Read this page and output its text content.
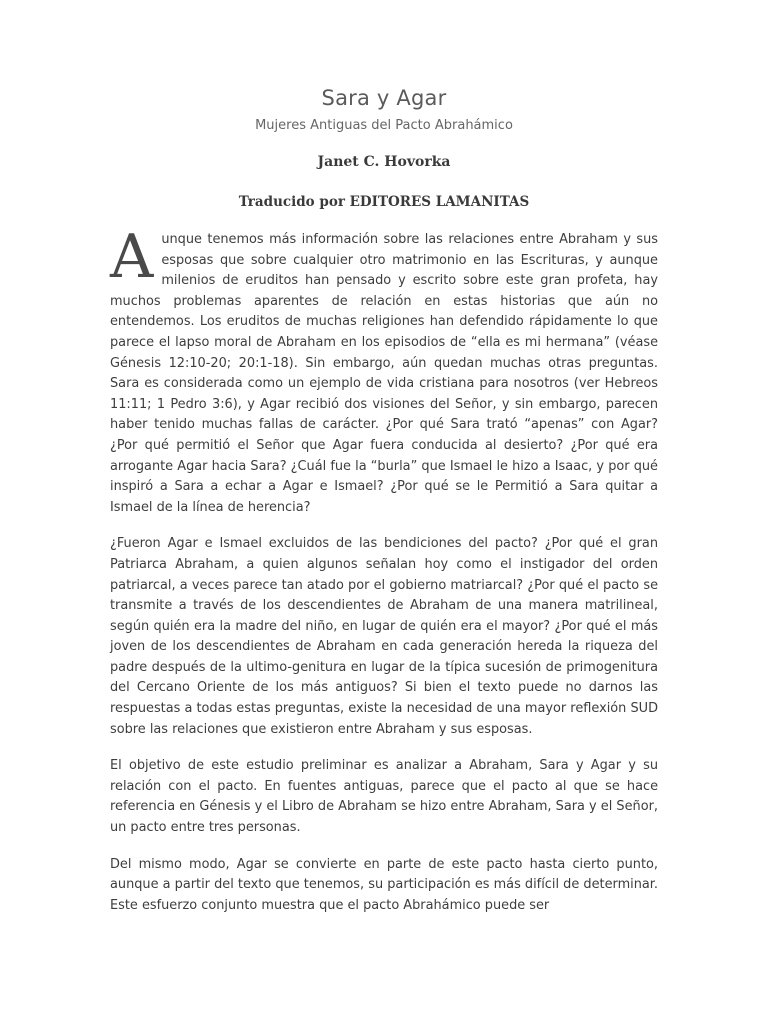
Sara y Agar
Mujeres Antiguas del Pacto Abrahámico
Janet C. Hovorka
Traducido por EDITORES LAMANITAS

Aunque tenemos más información sobre las relaciones entre Abraham y sus esposas que sobre cualquier otro matrimonio en las Escrituras, y aunque milenios de eruditos han pensado y escrito sobre este gran profeta, hay muchos problemas aparentes de relación en estas historias que aún no entendemos. Los eruditos de muchas religiones han defendido rápidamente lo que parece el lapso moral de Abraham en los episodios de “ella es mi hermana” (véase Génesis 12:10-20; 20:1-18). Sin embargo, aún quedan muchas otras preguntas. Sara es considerada como un ejemplo de vida cristiana para nosotros (ver Hebreos 11:11; 1 Pedro 3:6), y Agar recibió dos visiones del Señor, y sin embargo, parecen haber tenido muchas fallas de carácter. ¿Por qué Sara trató “apenas” con Agar? ¿Por qué permitió el Señor que Agar fuera conducida al desierto? ¿Por qué era arrogante Agar hacia Sara? ¿Cuál fue la “burla” que Ismael le hizo a Isaac, y por qué inspiró a Sara a echar a Agar e Ismael? ¿Por qué se le Permitió a Sara quitar a Ismael de la línea de herencia?

¿Fueron Agar e Ismael excluidos de las bendiciones del pacto? ¿Por qué el gran Patriarca Abraham, a quien algunos señalan hoy como el instigador del orden patriarcal, a veces parece tan atado por el gobierno matriarcal? ¿Por qué el pacto se transmite a través de los descendientes de Abraham de una manera matrilineal, según quién era la madre del niño, en lugar de quién era el mayor? ¿Por qué el más joven de los descendientes de Abraham en cada generación hereda la riqueza del padre después de la ultimo-genitura en lugar de la típica sucesión de primogenitura del Cercano Oriente de los más antiguos? Si bien el texto puede no darnos las respuestas a todas estas preguntas, existe la necesidad de una mayor reflexión SUD sobre las relaciones que existieron entre Abraham y sus esposas.

El objetivo de este estudio preliminar es analizar a Abraham, Sara y Agar y su relación con el pacto. En fuentes antiguas, parece que el pacto al que se hace referencia en Génesis y el Libro de Abraham se hizo entre Abraham, Sara y el Señor, un pacto entre tres personas.

Del mismo modo, Agar se convierte en parte de este pacto hasta cierto punto, aunque a partir del texto que tenemos, su participación es más difícil de determinar. Este esfuerzo conjunto muestra que el pacto Abrahámico puede ser
